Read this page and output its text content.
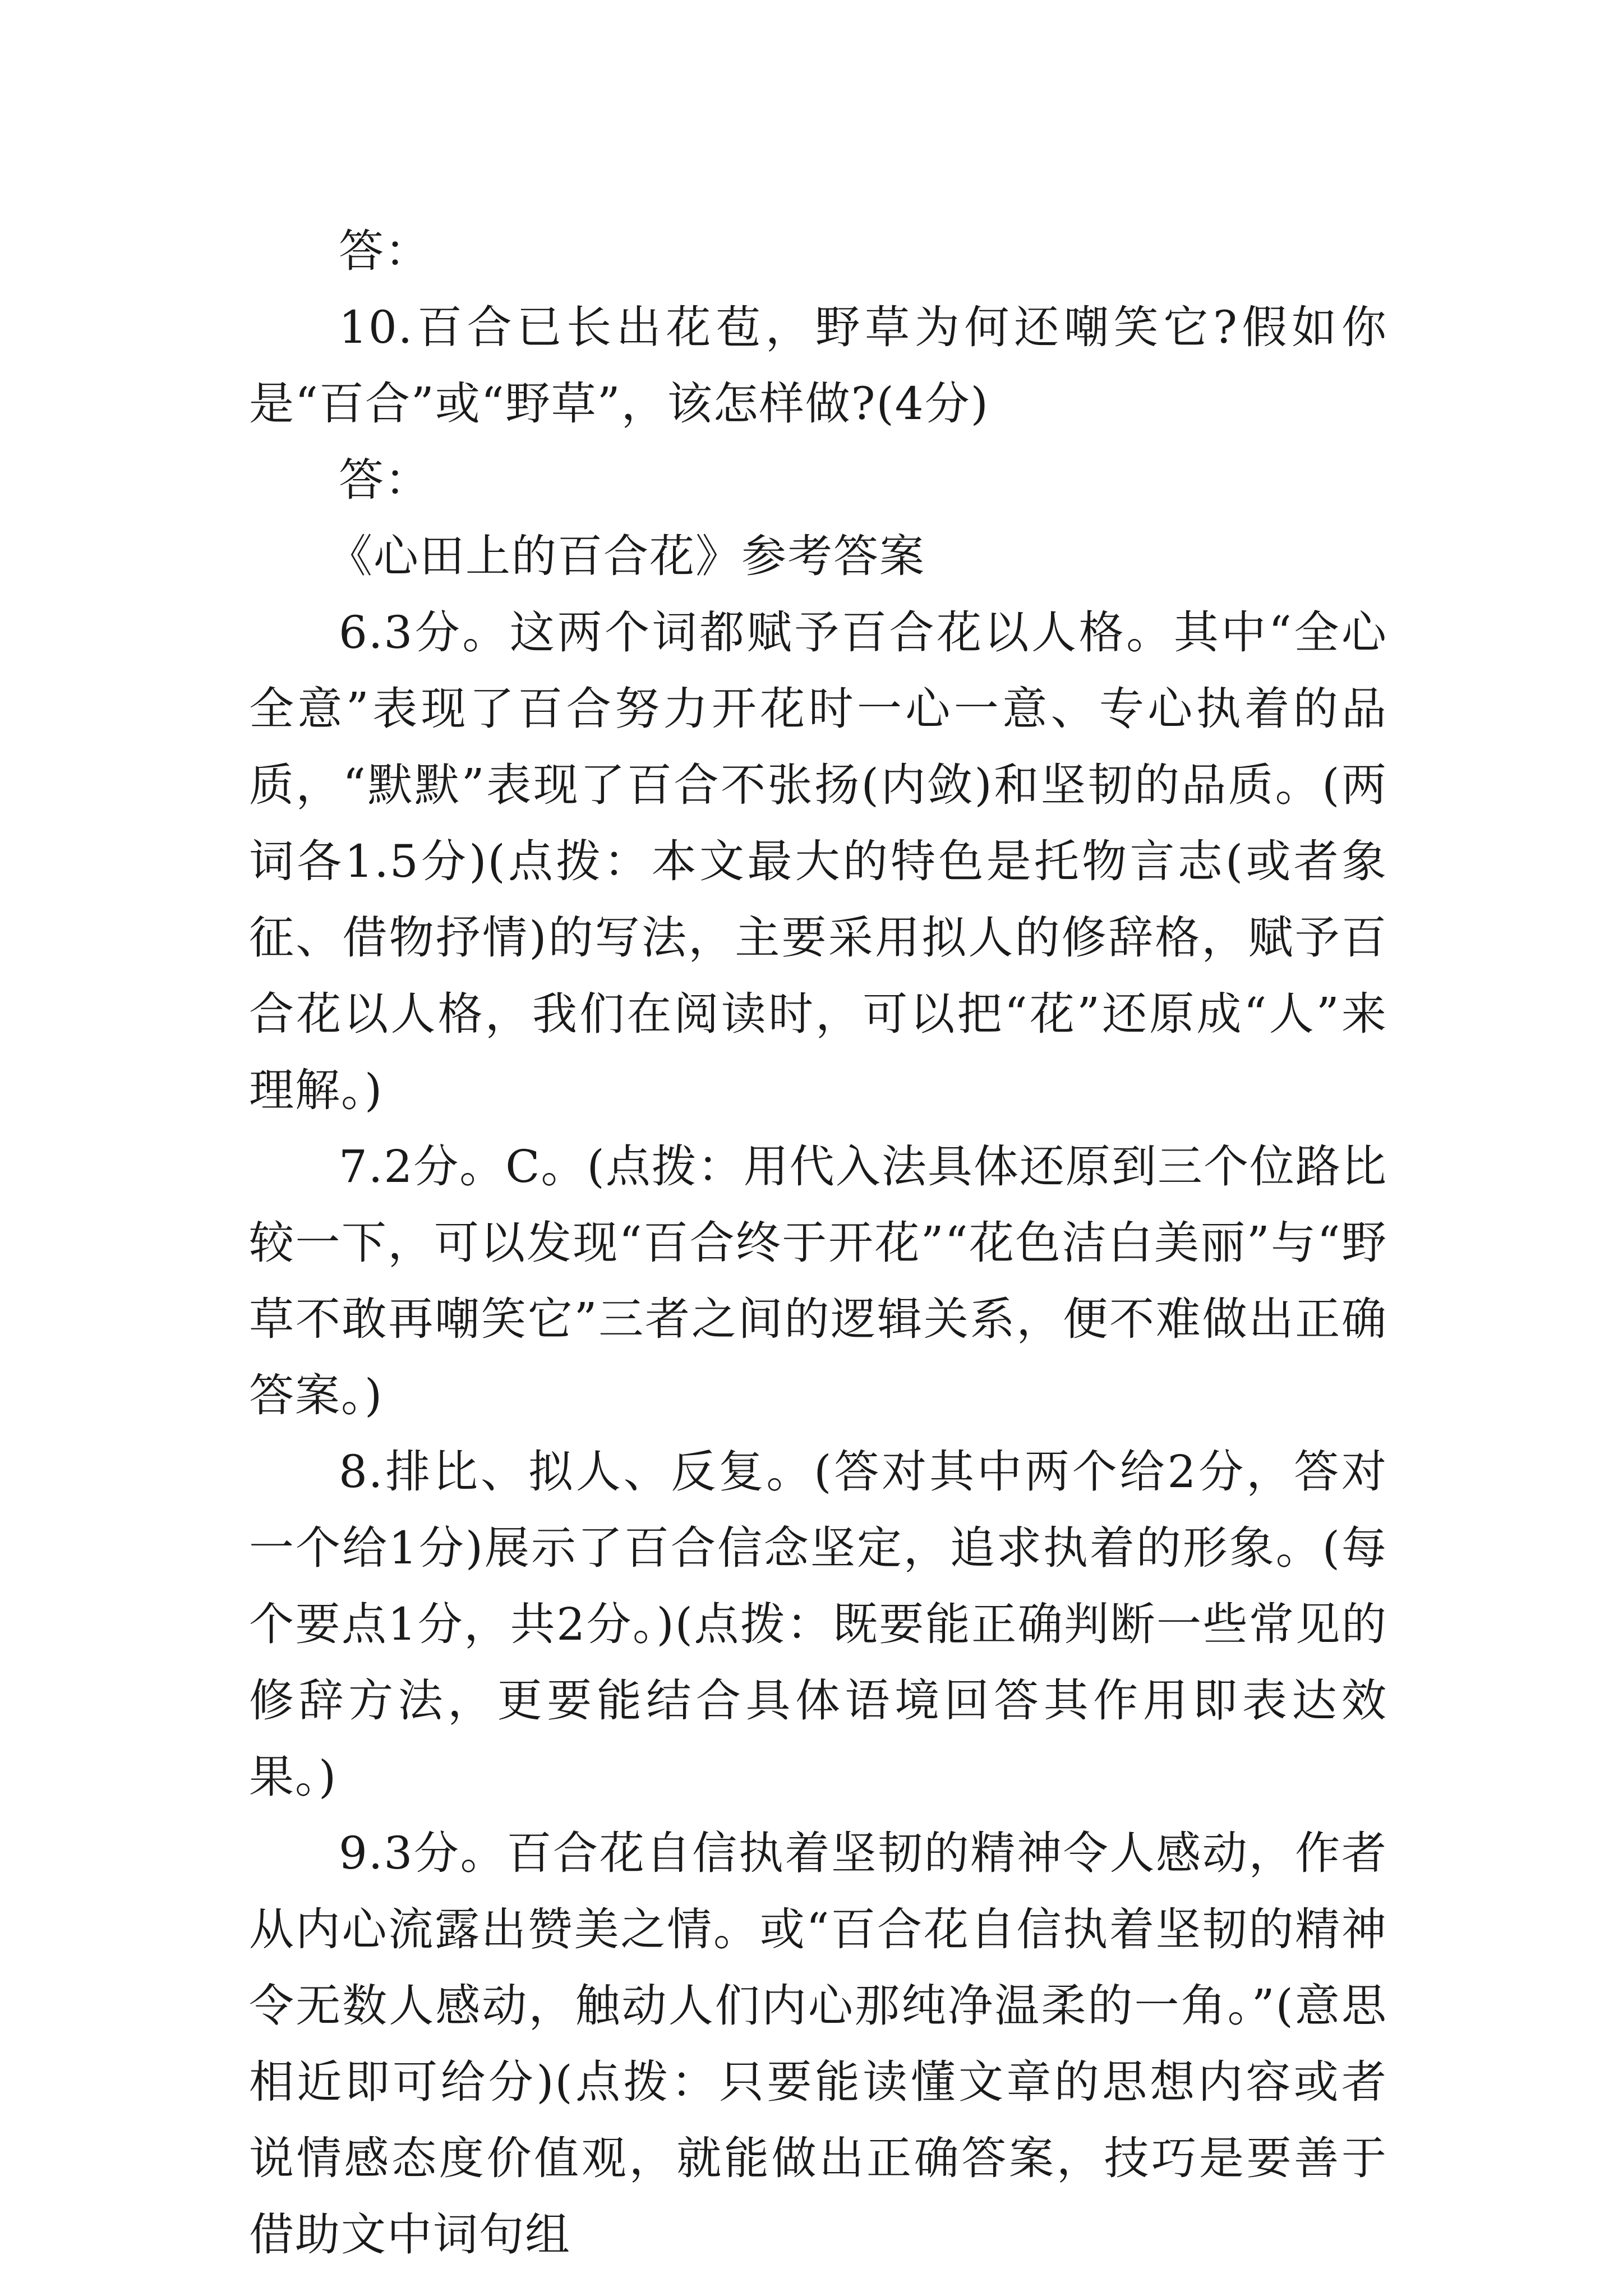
答：

10.百合已长出花苞，野草为何还嘲笑它?假如你是“百合”或“野草”，该怎样做?(4分)

答：

《心田上的百合花》参考答案

6.3分。这两个词都赋予百合花以人格。其中“全心全意”表现了百合努力开花时一心一意、专心执着的品质，“默默”表现了百合不张扬(内敛)和坚韧的品质。(两词各1.5分)(点拨：本文最大的特色是托物言志(或者象征、借物抒情)的写法，主要采用拟人的修辞格，赋予百合花以人格，我们在阅读时，可以把“花”还原成“人”来理解。)

7.2分。C。(点拨：用代入法具体还原到三个位路比较一下，可以发现“百合终于开花”“花色洁白美丽”与“野草不敢再嘲笑它”三者之间的逻辑关系，便不难做出正确答案。)

8.排比、拟人、反复。(答对其中两个给2分，答对一个给1分)展示了百合信念坚定，追求执着的形象。(每个要点1分，共2分。)(点拨：既要能正确判断一些常见的修辞方法，更要能结合具体语境回答其作用即表达效果。)

9.3分。百合花自信执着坚韧的精神令人感动，作者从内心流露出赞美之情。或“百合花自信执着坚韧的精神令无数人感动，触动人们内心那纯净温柔的一角。”(意思相近即可给分)(点拨：只要能读懂文章的思想内容或者说情感态度价值观，就能做出正确答案，技巧是要善于借助文中词句组
